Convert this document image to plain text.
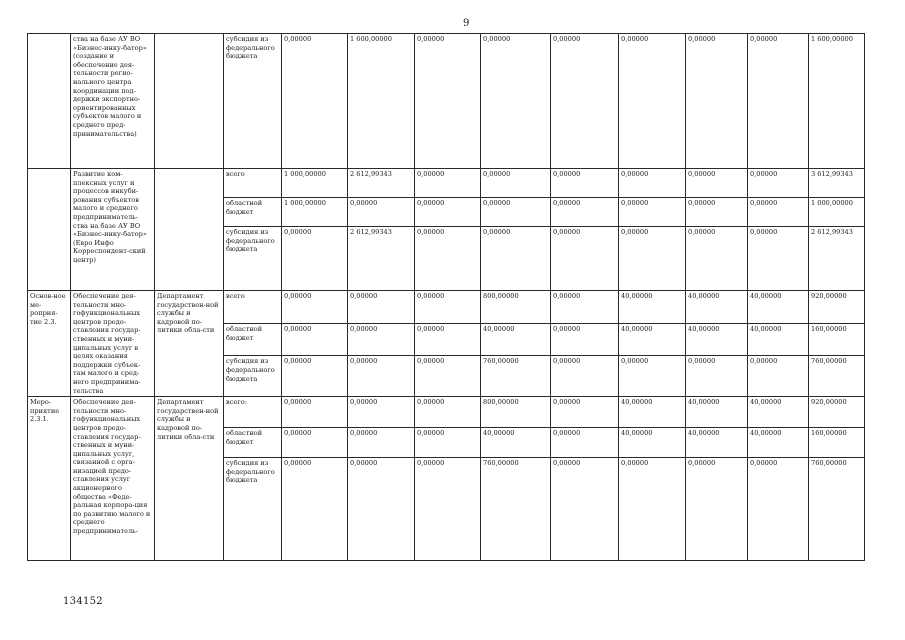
9
	ства на базе АУ ВО «Бизнес-инку-батор» (создание и обеспечение дея-тельности регио-нального центра координации под-держки экспортно-ориентированных субъектов малого и среднего пред-принимательства)		субсидия из федерального бюджета	0,00000	1 600,00000	0,00000	0,00000	0,00000	0,00000	0,00000	0,00000	1 600,00000
	Развитие ком-плексных услуг и процессов инкуби-рования субъектов малого и среднего предприниматель-ства на базе АУ ВО «Бизнес-инку-батор» (Евро Инфо Корреспондент-ский центр)		всего	1 000,00000	2 612,99343	0,00000	0,00000	0,00000	0,00000	0,00000	0,00000	3 612,99343
			областной бюджет	1 000,00000	0,00000	0,00000	0,00000	0,00000	0,00000	0,00000	0,00000	1 000,00000
			субсидия из федерального бюджета	0,00000	2 612,99343	0,00000	0,00000	0,00000	0,00000	0,00000	0,00000	2 612,99343
Основ-ное ме-роприя-тие 2.3.	Обеспечение дея-тельности мно-гофункциональных центров предо-ставления государ-ственных и муни-ципальных услуг в целях оказания поддержки субъек-там малого и сред-него предпринима-тельства	Департамент государствен-ной службы и кадровой по-литики обла-сти	всего	0,00000	0,00000	0,00000	800,00000	0,00000	40,00000	40,00000	40,00000	920,00000
			областной бюджет	0,00000	0,00000	0,00000	40,00000	0,00000	40,00000	40,00000	40,00000	160,00000
			субсидия из федерального бюджета	0,00000	0,00000	0,00000	760,00000	0,00000	0,00000	0,00000	0,00000	760,00000
Меро-приятие 2.3.1.	Обеспечение дея-тельности мно-гофункциональных центров предо-ставления государ-ственных и муни-ципальных услуг, связанной с орга-низацией предо-ставления услуг акционерного общества «Феде-ральная корпора-ция по развитию малого и среднего предприниматель-	Департамент государствен-ной службы и кадровой по-литики обла-сти	всего:	0,00000	0,00000	0,00000	800,00000	0,00000	40,00000	40,00000	40,00000	920,00000
			областной бюджет	0,00000	0,00000	0,00000	40,00000	0,00000	40,00000	40,00000	40,00000	160,00000
			субсидия из федерального бюджета	0,00000	0,00000	0,00000	760,00000	0,00000	0,00000	0,00000	0,00000	760,00000
134152
